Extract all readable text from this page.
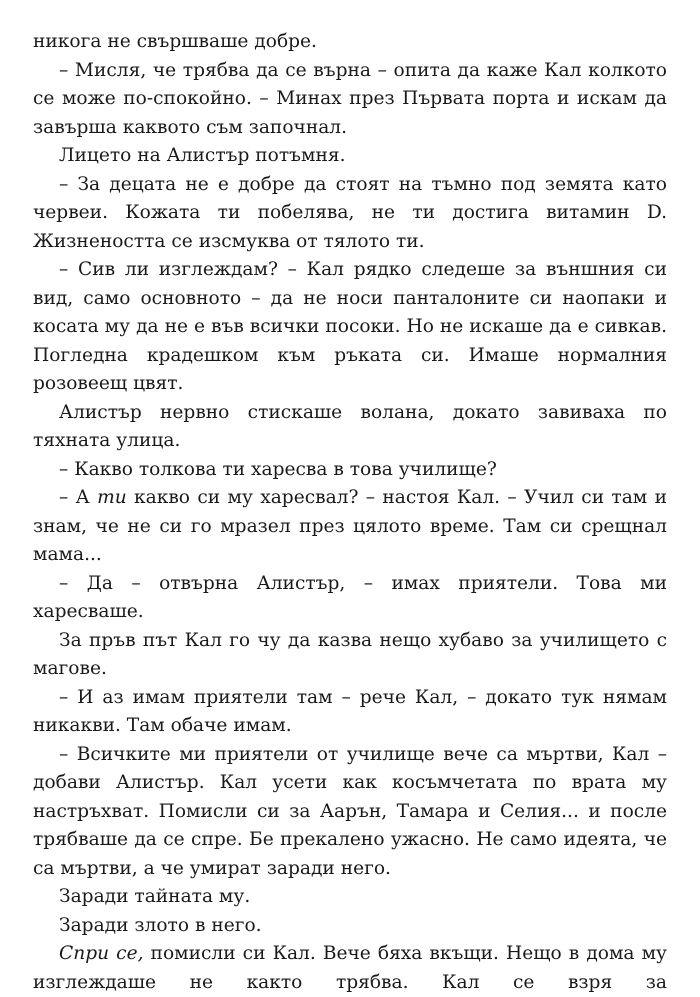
никога не свършваше добре.

– Мисля, че трябва да се върна – опита да каже Кал колкото се може по-спокойно. – Минах през Първата порта и искам да завърша каквото съм започнал.

Лицето на Алистър потъмня.

– За децата не е добре да стоят на тъмно под земята като червеи. Кожата ти побелява, не ти достига витамин D. Жизнеността се изсмуква от тялото ти.

– Сив ли изглеждам? – Кал рядко следеше за външния си вид, само основното – да не носи панталоните си наопаки и косата му да не е във всички посоки. Но не искаше да е сивкав. Погледна крадешком към ръката си. Имаше нормалния розовеещ цвят.

Алистър нервно стискаше волана, докато завиваха по тяхната улица.

– Какво толкова ти харесва в това училище?

– А ти какво си му харесвал? – настоя Кал. – Учил си там и знам, че не си го мразел през цялото време. Там си срещнал мама...

– Да – отвърна Алистър, – имах приятели. Това ми харесваше.

За пръв път Кал го чу да казва нещо хубаво за училището с магове.

– И аз имам приятели там – рече Кал, – докато тук нямам никакви. Там обаче имам.

– Всичките ми приятели от училище вече са мъртви, Кал – добави Алистър. Кал усети как косъмчетата по врата му настръхват. Помисли си за Аарън, Тамара и Селия... и после трябваше да се спре. Бе прекалено ужасно. Не само идеята, че са мъртви, а че умират заради него.

Заради тайната му.

Заради злото в него.

Спри се, помисли си Кал. Вече бяха вкъщи. Нещо в дома му изглеждаше не както трябва. Кал се взря за
